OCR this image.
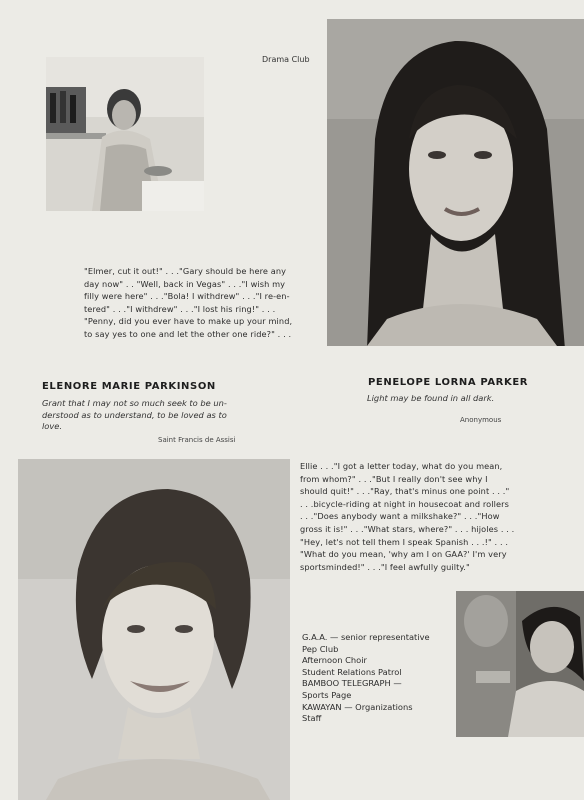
Drama Club
"Elmer, cut it out!" . . ."Gary should be here any
day now" . . "Well, back in Vegas" . . ."I wish my
filly were here" . . ."Bola! I withdrew" . . ."I re-en-
tered" . . ."I withdrew" . . ."I lost his ring!" . . .
"Penny, did you ever have to make up your mind,
to say yes to one and let the other one ride?" . . .
ELENORE MARIE PARKINSON
Grant that I may not so much seek to be un-
derstood as to understand, to be loved as to
love.
Saint Francis de Assisi
PENELOPE LORNA PARKER
Light may be found in all dark.
Anonymous
Ellie . . ."I got a letter today, what do you mean,
from whom?" . . ."But I really don't see why I
should quit!" . . ."Ray, that's minus one point . . ."
. . .bicycle-riding at night in housecoat and rollers
. . ."Does anybody want a milkshake?" . . ."How
gross it is!" . . ."What stars, where?" . . . hijoles . . .
"Hey, let's not tell them I speak Spanish . . .!" . . .
"What do you mean, 'why am I on GAA?' I'm very
sportsminded!" . . ."I feel awfully guilty."
G.A.A. — senior representative
Pep Club
Afternoon Choir
Student Relations Patrol
BAMBOO TELEGRAPH —
Sports Page
KAWAYAN — Organizations
Staff
